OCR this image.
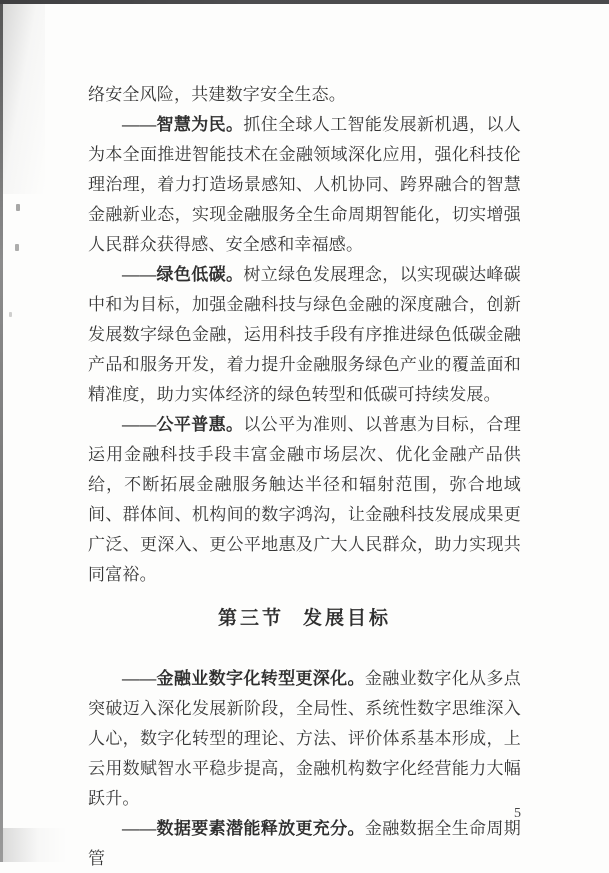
络安全风险，共建数字安全生态。

——智慧为民。抓住全球人工智能发展新机遇，以人为本全面推进智能技术在金融领域深化应用，强化科技伦理治理，着力打造场景感知、人机协同、跨界融合的智慧金融新业态，实现金融服务全生命周期智能化，切实增强人民群众获得感、安全感和幸福感。

——绿色低碳。树立绿色发展理念，以实现碳达峰碳中和为目标，加强金融科技与绿色金融的深度融合，创新发展数字绿色金融，运用科技手段有序推进绿色低碳金融产品和服务开发，着力提升金融服务绿色产业的覆盖面和精准度，助力实体经济的绿色转型和低碳可持续发展。

——公平普惠。以公平为准则、以普惠为目标，合理运用金融科技手段丰富金融市场层次、优化金融产品供给，不断拓展金融服务触达半径和辐射范围，弥合地域间、群体间、机构间的数字鸿沟，让金融科技发展成果更广泛、更深入、更公平地惠及广大人民群众，助力实现共同富裕。

第三节 发展目标

——金融业数字化转型更深化。金融业数字化从多点突破迈入深化发展新阶段，全局性、系统性数字思维深入人心，数字化转型的理论、方法、评价体系基本形成，上云用数赋智水平稳步提高，金融机构数字化经营能力大幅跃升。

——数据要素潜能释放更充分。金融数据全生命周期管

5
